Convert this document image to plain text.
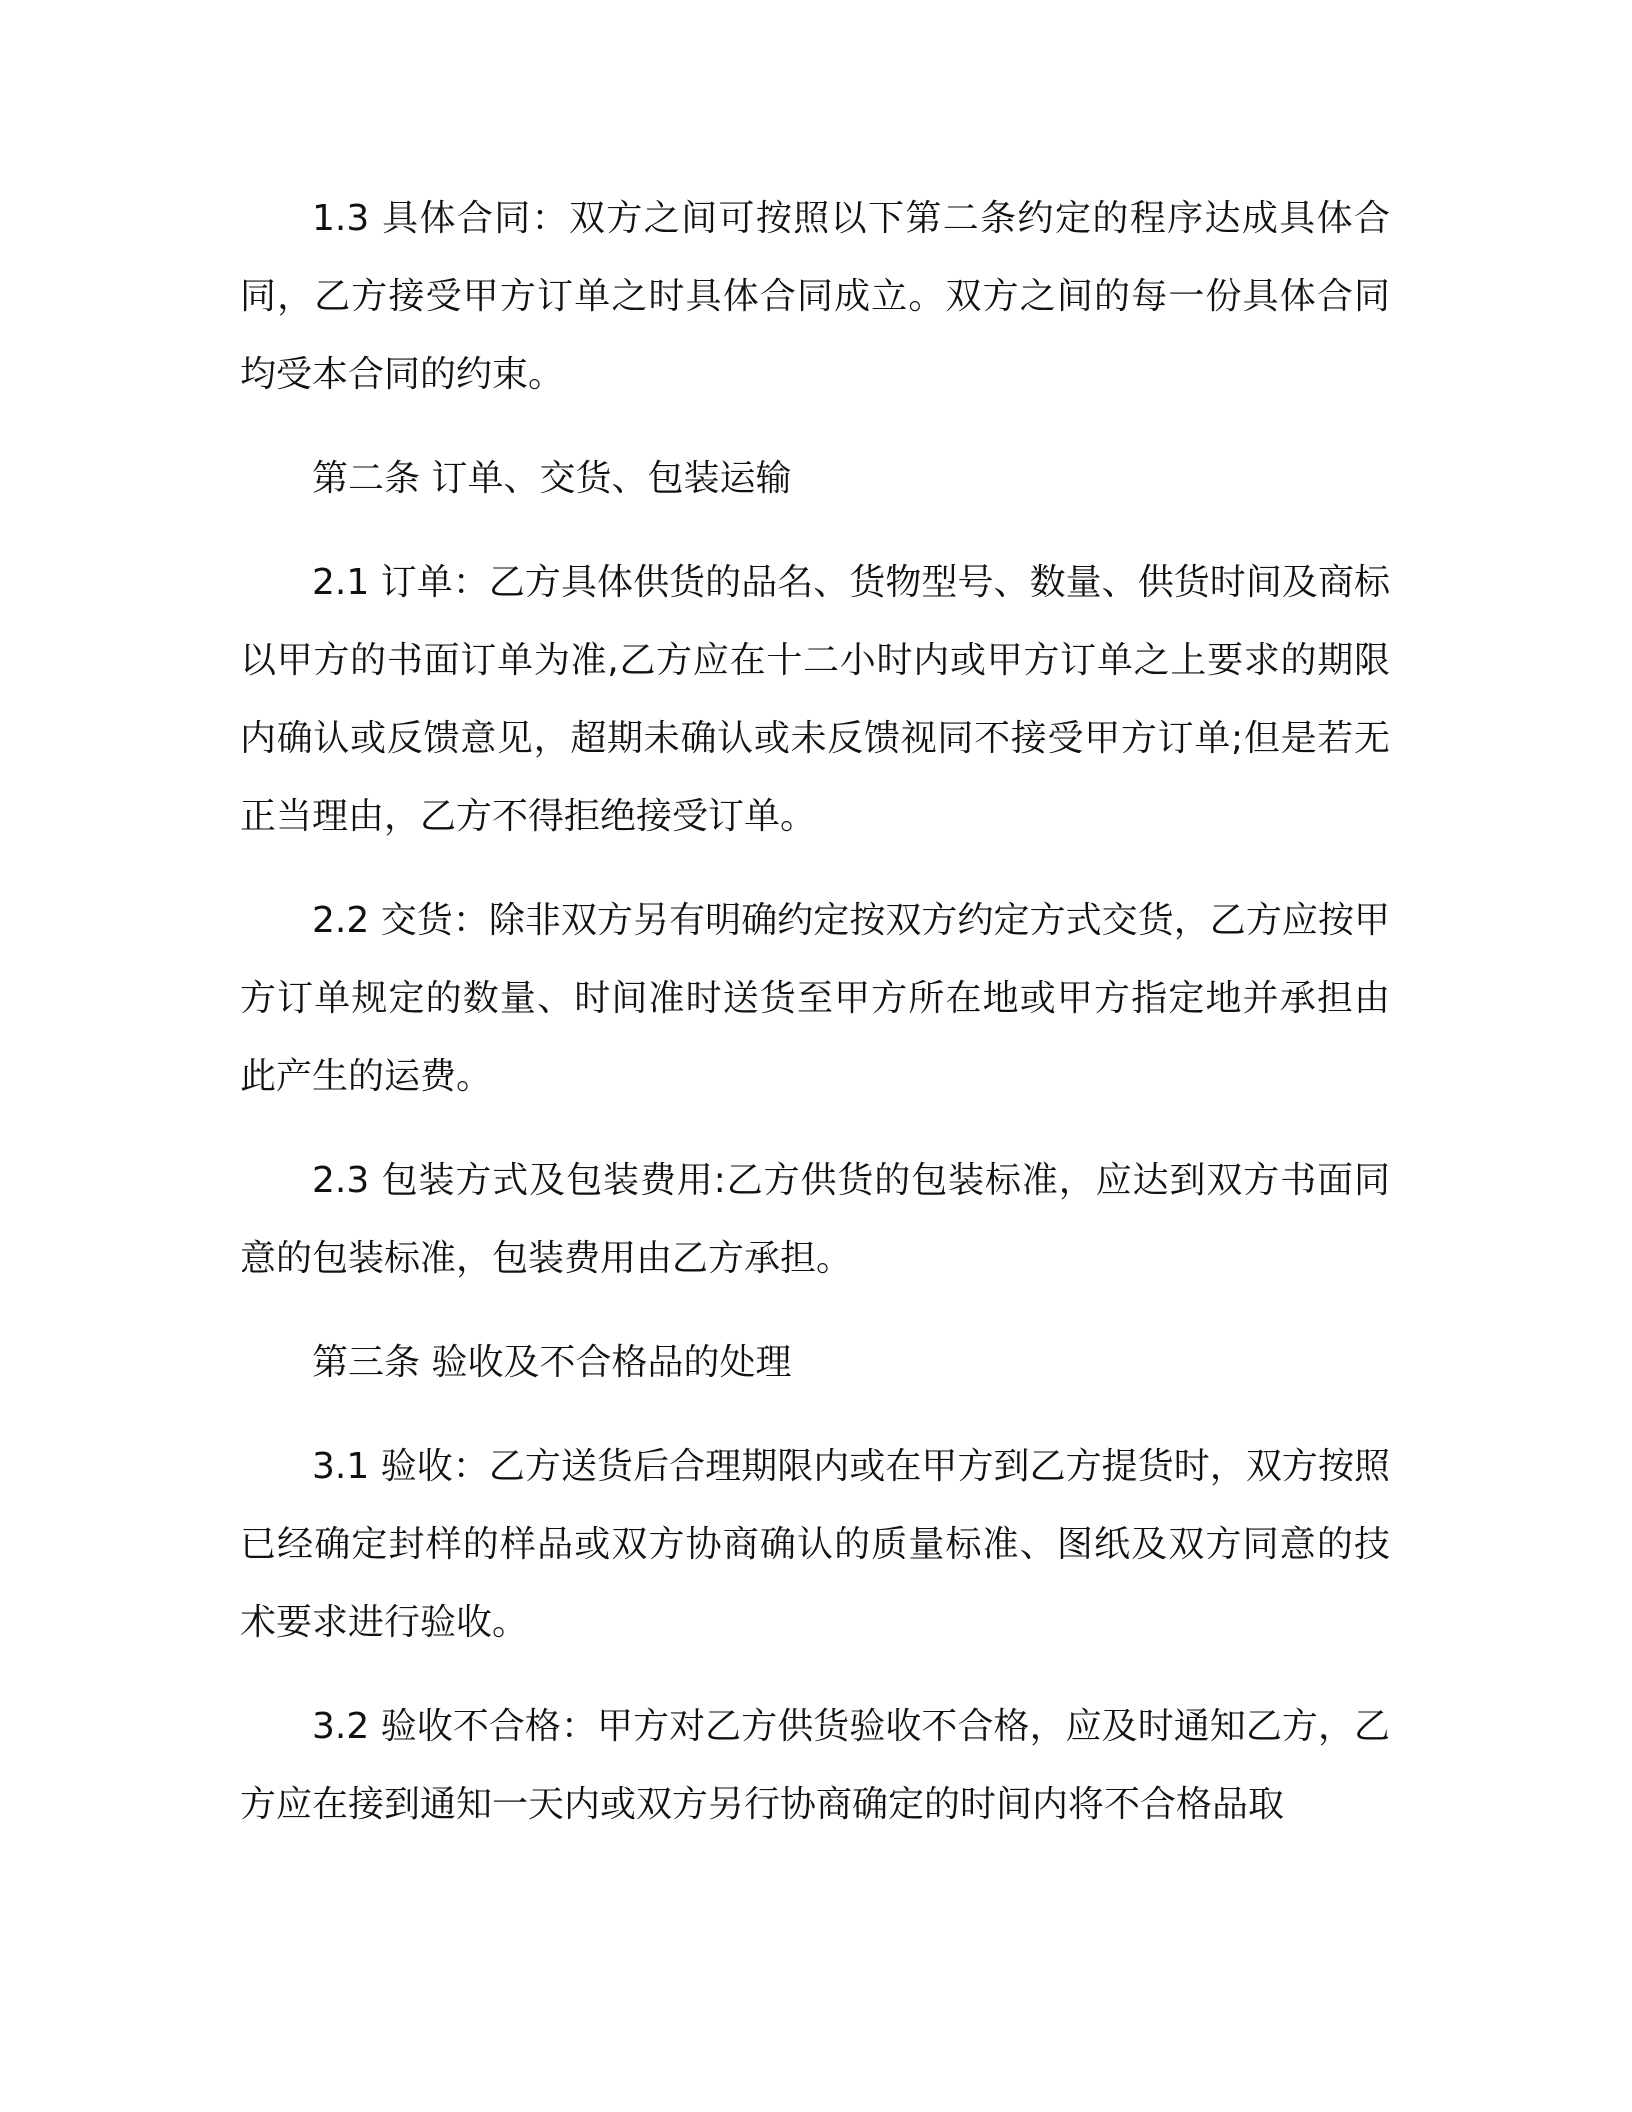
1.3 具体合同：双方之间可按照以下第二条约定的程序达成具体合同，乙方接受甲方订单之时具体合同成立。双方之间的每一份具体合同均受本合同的约束。

第二条 订单、交货、包装运输

2.1 订单：乙方具体供货的品名、货物型号、数量、供货时间及商标以甲方的书面订单为准,乙方应在十二小时内或甲方订单之上要求的期限内确认或反馈意见，超期未确认或未反馈视同不接受甲方订单;但是若无正当理由，乙方不得拒绝接受订单。

2.2 交货：除非双方另有明确约定按双方约定方式交货，乙方应按甲方订单规定的数量、时间准时送货至甲方所在地或甲方指定地并承担由此产生的运费。

2.3 包装方式及包装费用:乙方供货的包装标准，应达到双方书面同意的包装标准，包装费用由乙方承担。

第三条 验收及不合格品的处理

3.1 验收：乙方送货后合理期限内或在甲方到乙方提货时，双方按照已经确定封样的样品或双方协商确认的质量标准、图纸及双方同意的技术要求进行验收。

3.2 验收不合格：甲方对乙方供货验收不合格，应及时通知乙方，乙方应在接到通知一天内或双方另行协商确定的时间内将不合格品取
